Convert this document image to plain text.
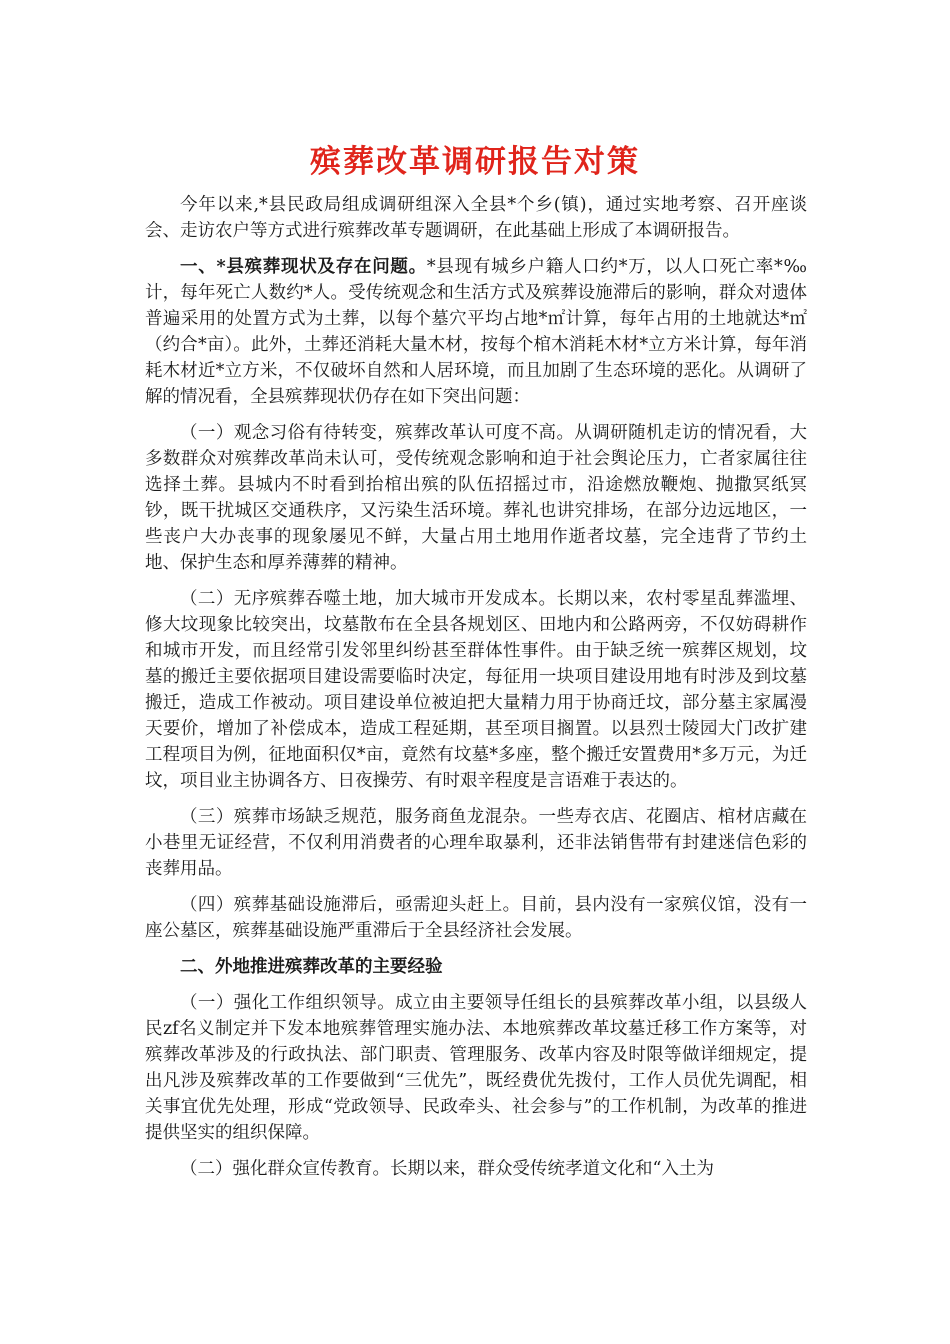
殡葬改革调研报告对策

今年以来,*县民政局组成调研组深入全县*个乡(镇)，通过实地考察、召开座谈会、走访农户等方式进行殡葬改革专题调研，在此基础上形成了本调研报告。

一、*县殡葬现状及存在问题。*县现有城乡户籍人口约*万，以人口死亡率*‰计，每年死亡人数约*人。受传统观念和生活方式及殡葬设施滞后的影响，群众对遗体普遍采用的处置方式为土葬，以每个墓穴平均占地*㎡计算，每年占用的土地就达*㎡（约合*亩）。此外，土葬还消耗大量木材，按每个棺木消耗木材*立方米计算，每年消耗木材近*立方米，不仅破坏自然和人居环境，而且加剧了生态环境的恶化。从调研了解的情况看，全县殡葬现状仍存在如下突出问题：

（一）观念习俗有待转变，殡葬改革认可度不高。从调研随机走访的情况看，大多数群众对殡葬改革尚未认可，受传统观念影响和迫于社会舆论压力，亡者家属往往选择土葬。县城内不时看到抬棺出殡的队伍招摇过市，沿途燃放鞭炮、抛撒冥纸冥钞，既干扰城区交通秩序，又污染生活环境。葬礼也讲究排场，在部分边远地区，一些丧户大办丧事的现象屡见不鲜，大量占用土地用作逝者坟墓，完全违背了节约土地、保护生态和厚养薄葬的精神。

（二）无序殡葬吞噬土地，加大城市开发成本。长期以来，农村零星乱葬滥埋、修大坟现象比较突出，坟墓散布在全县各规划区、田地内和公路两旁，不仅妨碍耕作和城市开发，而且经常引发邻里纠纷甚至群体性事件。由于缺乏统一殡葬区规划，坟墓的搬迁主要依据项目建设需要临时决定，每征用一块项目建设用地有时涉及到坟墓搬迁，造成工作被动。项目建设单位被迫把大量精力用于协商迁坟，部分墓主家属漫天要价，增加了补偿成本，造成工程延期，甚至项目搁置。以县烈士陵园大门改扩建工程项目为例，征地面积仅*亩，竟然有坟墓*多座，整个搬迁安置费用*多万元，为迁坟，项目业主协调各方、日夜操劳、有时艰辛程度是言语难于表达的。

（三）殡葬市场缺乏规范，服务商鱼龙混杂。一些寿衣店、花圈店、棺材店藏在小巷里无证经营，不仅利用消费者的心理牟取暴利，还非法销售带有封建迷信色彩的丧葬用品。

（四）殡葬基础设施滞后，亟需迎头赶上。目前，县内没有一家殡仪馆，没有一座公墓区，殡葬基础设施严重滞后于全县经济社会发展。

二、外地推进殡葬改革的主要经验

（一）强化工作组织领导。成立由主要领导任组长的县殡葬改革小组，以县级人民zf名义制定并下发本地殡葬管理实施办法、本地殡葬改革坟墓迁移工作方案等，对殡葬改革涉及的行政执法、部门职责、管理服务、改革内容及时限等做详细规定，提出凡涉及殡葬改革的工作要做到“三优先”，既经费优先拨付，工作人员优先调配，相关事宜优先处理，形成“党政领导、民政牵头、社会参与”的工作机制，为改革的推进提供坚实的组织保障。

（二）强化群众宣传教育。长期以来，群众受传统孝道文化和“入土为
